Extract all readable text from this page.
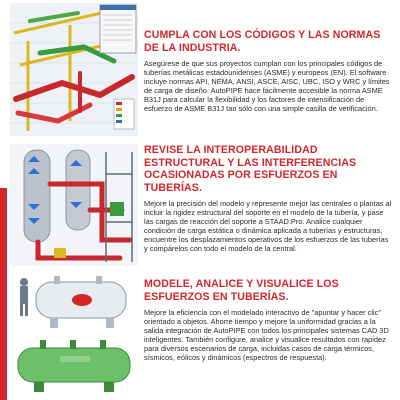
CUMPLA CON LOS CÓDIGOS Y LAS NORMAS DE LA INDUSTRIA.

Asegúrese de que sus proyectos cumplan con los principales códigos de tuberías metálicas estadounidenses (ASME) y europeos (EN). El software incluye normas API, NEMA, ANSI, ASCE, AISC, UBC, ISO y WRC y límites de carga de diseño. AutoPIPE hace fácilmente accesible la norma ASME B31J para calcular la flexibilidad y los factores de intensificación de esfuerzo de ASME B31J tan sólo con una simple casilla de verificación.

REVISE LA INTEROPERABILIDAD ESTRUCTURAL Y LAS INTERFERENCIAS OCASIONADAS POR ESFUERZOS EN TUBERÍAS.

Mejore la precisión del modelo y represente mejor las centrales o plantas al incluir la rigidez estructural del soporte en el modelo de la tubería, y pase las cargas de reacción del soporte a STAAD.Pro. Analice cualquier condición de carga estática o dinámica aplicada a tuberías y estructuras, encuentre los desplazamientos operativos de los esfuerzos de las tuberías y compárelos con todo el modelo de la central.

MODELE, ANALICE Y VISUALICE LOS ESFUERZOS EN TUBERÍAS.

Mejore la eficiencia con el modelado interactivo de "apuntar y hacer clic" orientado a objetos. Ahorre tiempo y mejore la uniformidad gracias a la salida integración de AutoPIPE con todos los principales sistemas CAD 3D inteligentes. También configure, analice y visualice resultados con rapidez para diversos escenarios de carga, incluidas casos de carga térmicos, sísmicos, eólicos y dinámicos (espectros de respuesta).
